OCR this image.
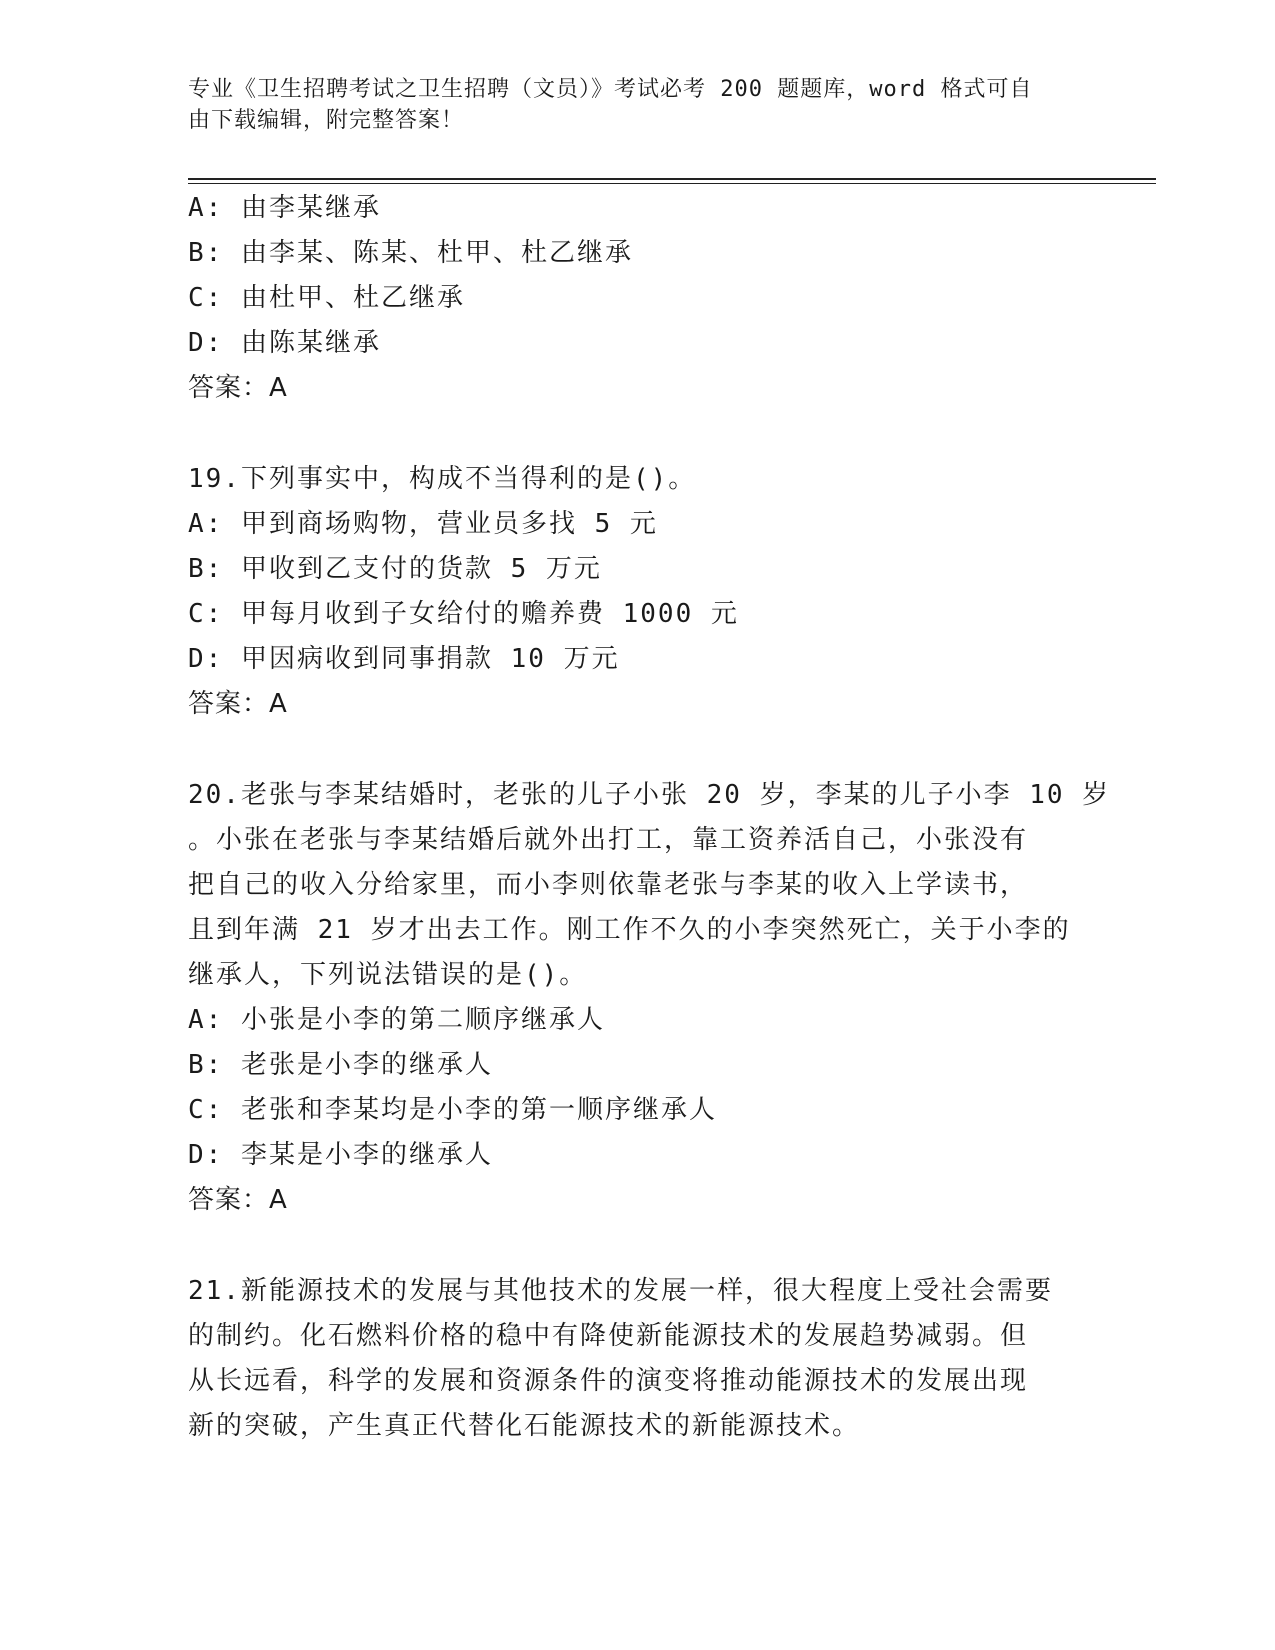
专业《卫生招聘考试之卫生招聘（文员）》考试必考 200 题题库，word 格式可自
由下载编辑，附完整答案！
A: 由李某继承
B: 由李某、陈某、杜甲、杜乙继承
C: 由杜甲、杜乙继承
D: 由陈某继承
答案：A
19.下列事实中，构成不当得利的是()。
A: 甲到商场购物，营业员多找 5 元
B: 甲收到乙支付的货款 5 万元
C: 甲每月收到子女给付的赡养费 1000 元
D: 甲因病收到同事捐款 10 万元
答案：A
20.老张与李某结婚时，老张的儿子小张 20 岁，李某的儿子小李 10 岁
。小张在老张与李某结婚后就外出打工，靠工资养活自己，小张没有
把自己的收入分给家里，而小李则依靠老张与李某的收入上学读书，
且到年满 21 岁才出去工作。刚工作不久的小李突然死亡，关于小李的
继承人，下列说法错误的是()。
A: 小张是小李的第二顺序继承人
B: 老张是小李的继承人
C: 老张和李某均是小李的第一顺序继承人
D: 李某是小李的继承人
答案：A
21.新能源技术的发展与其他技术的发展一样，很大程度上受社会需要
的制约。化石燃料价格的稳中有降使新能源技术的发展趋势减弱。但
从长远看，科学的发展和资源条件的演变将推动能源技术的发展出现
新的突破，产生真正代替化石能源技术的新能源技术。
